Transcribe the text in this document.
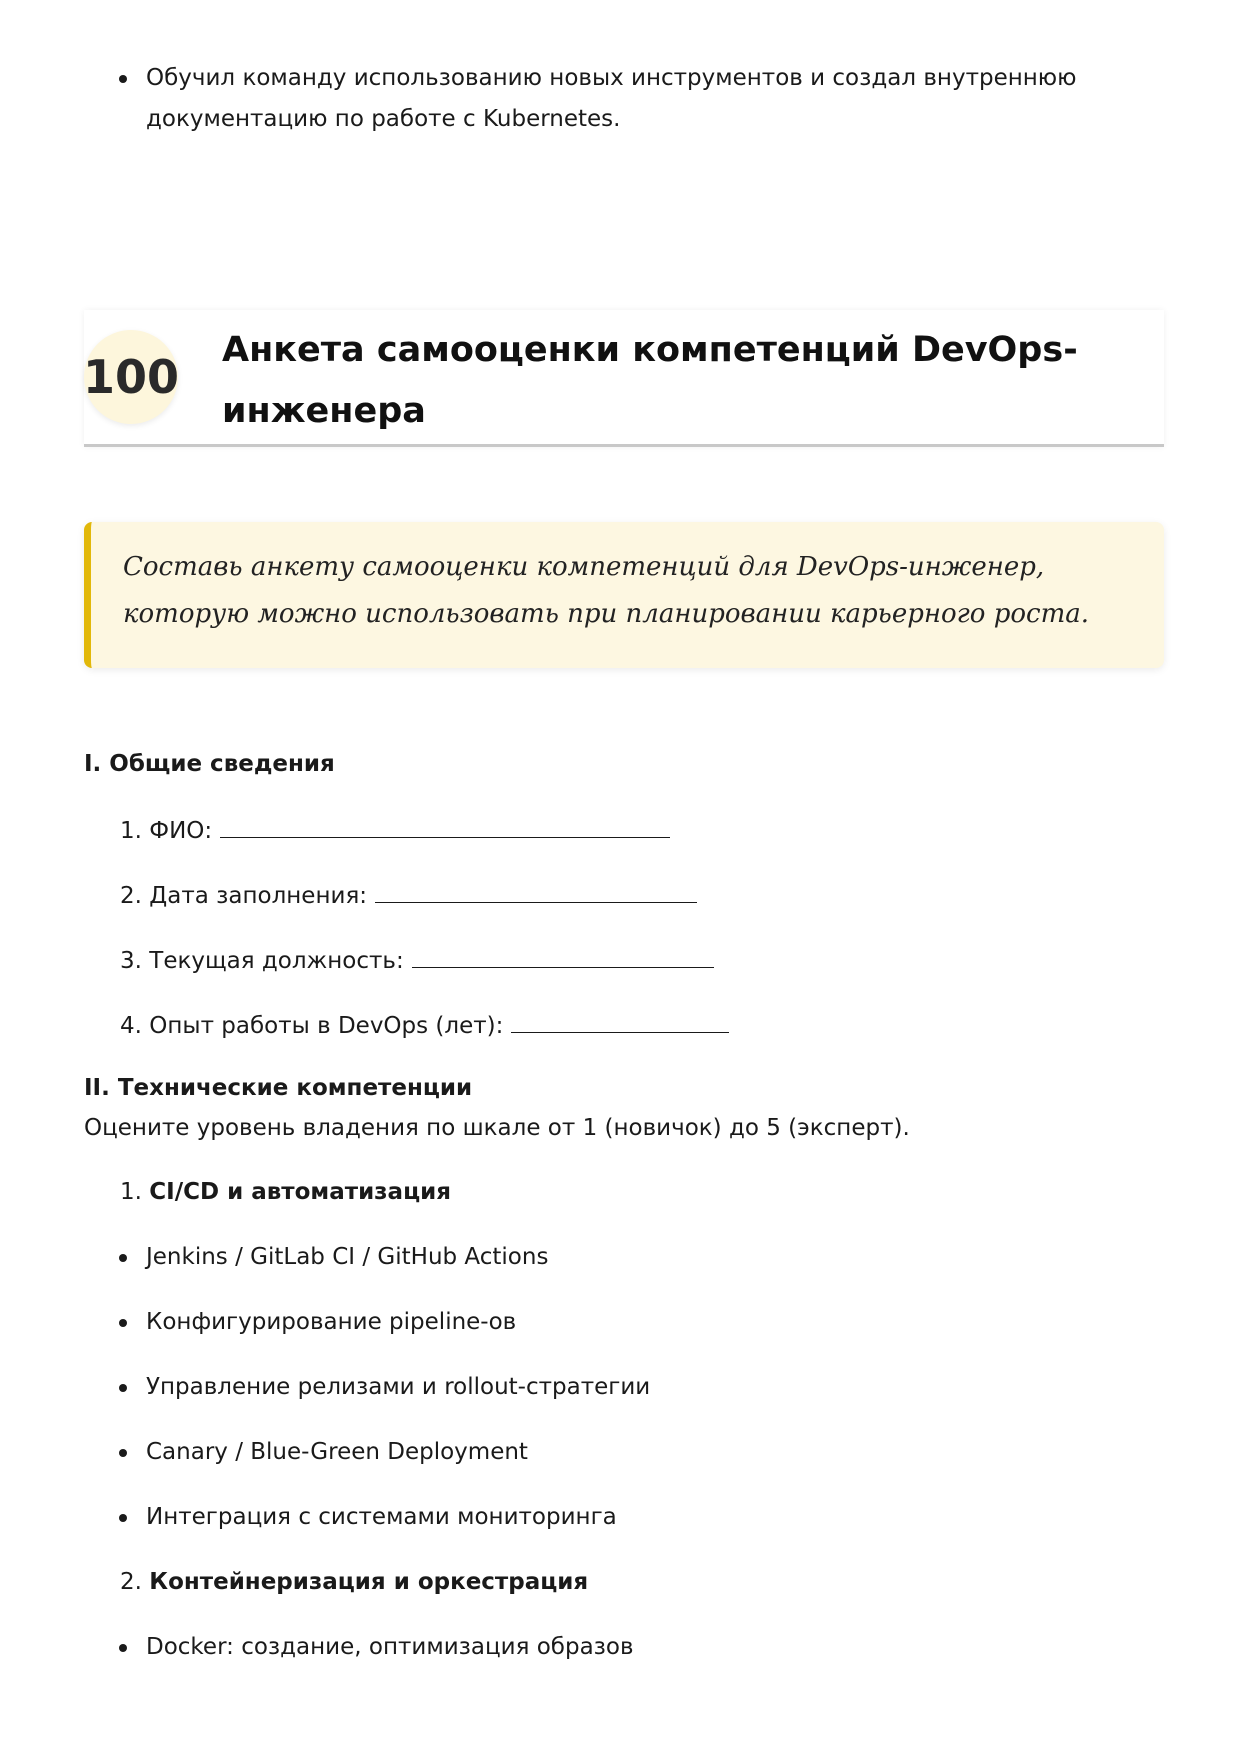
Обучил команду использованию новых инструментов и создал внутреннюю документацию по работе с Kubernetes.
100 Анкета самооценки компетенций DevOps-инженера
Составь анкету самооценки компетенций для DevOps-инженер, которую можно использовать при планировании карьерного роста.
I. Общие сведения
1. ФИО:
2. Дата заполнения:
3. Текущая должность:
4. Опыт работы в DevOps (лет):
II. Технические компетенции
Оцените уровень владения по шкале от 1 (новичок) до 5 (эксперт).
1. CI/CD и автоматизация
Jenkins / GitLab CI / GitHub Actions
Конфигурирование pipeline-ов
Управление релизами и rollout-стратегии
Canary / Blue-Green Deployment
Интеграция с системами мониторинга
2. Контейнеризация и оркестрация
Docker: создание, оптимизация образов
